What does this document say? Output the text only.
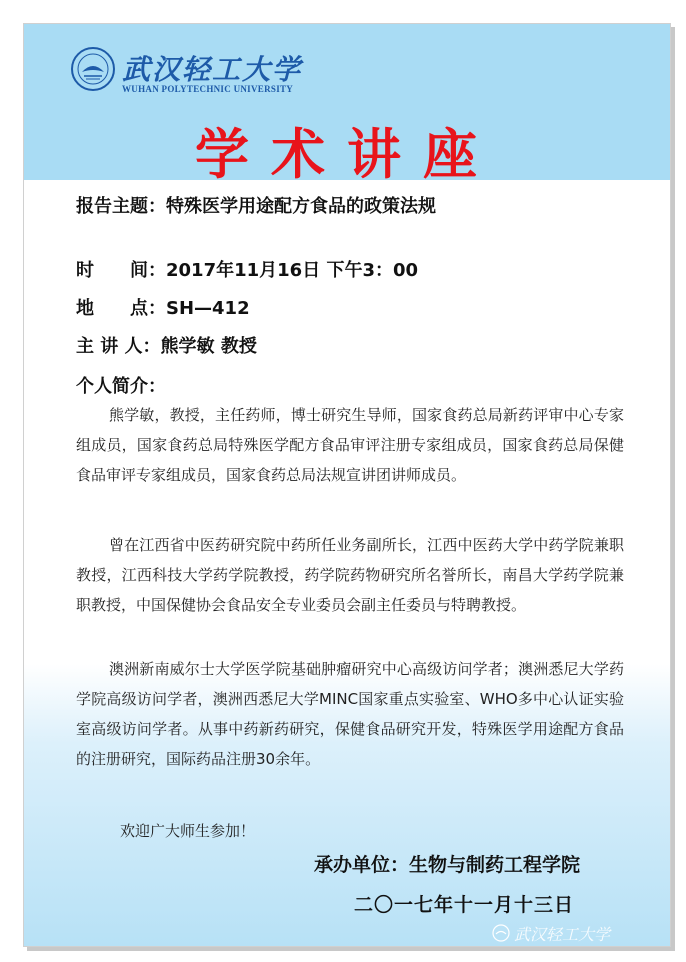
武汉轻工大学
WUHAN POLYTECHNIC UNIVERSITY
学术讲座
报告主题：特殊医学用途配方食品的政策法规
时　　间：2017年11月16日 下午3：00
地　　点：SH—412
主 讲 人：熊学敏 教授
个人简介：
熊学敏，教授，主任药师，博士研究生导师，国家食药总局新药评审中心专家组成员，国家食药总局特殊医学配方食品审评注册专家组成员，国家食药总局保健食品审评专家组成员，国家食药总局法规宣讲团讲师成员。
曾在江西省中医药研究院中药所任业务副所长，江西中医药大学中药学院兼职教授，江西科技大学药学院教授，药学院药物研究所名誉所长，南昌大学药学院兼职教授，中国保健协会食品安全专业委员会副主任委员与特聘教授。
澳洲新南威尔士大学医学院基础肿瘤研究中心高级访问学者；澳洲悉尼大学药学院高级访问学者，澳洲西悉尼大学MINC国家重点实验室、WHO多中心认证实验室高级访问学者。从事中药新药研究，保健食品研究开发，特殊医学用途配方食品的注册研究，国际药品注册30余年。
欢迎广大师生参加！
承办单位：生物与制药工程学院
二〇一七年十一月十三日
武汉轻工大学
